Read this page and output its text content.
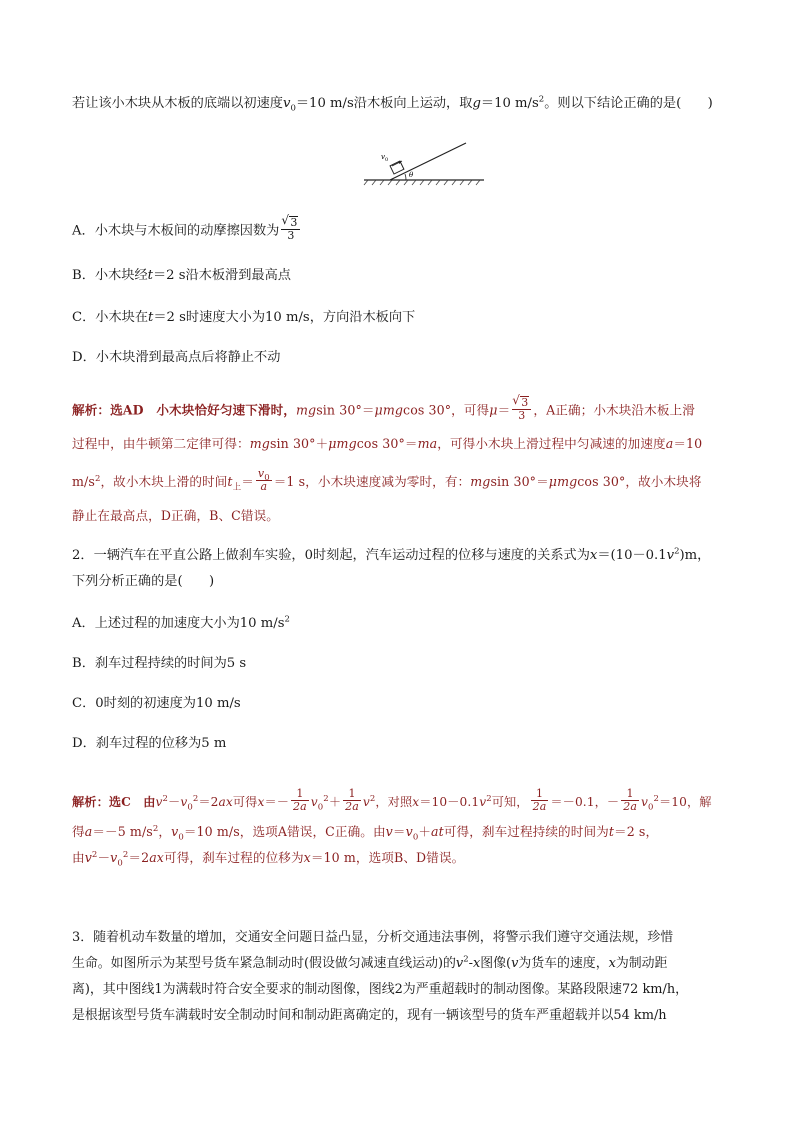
若让该小木块从木板的底端以初速度$v_0=10$ m/s沿木板向上运动，取g＝10 $m/s^2$。则以下结论正确的是(　　)
v 0
θ
A．小木块与木板间的动摩擦因数为 √ $\frac{3}{3}$
B．小木块经t＝2 s沿木板滑到最高点
C．小木块在t＝2 s时速度大小为10 m/s，方向沿木板向下
D．小木块滑到最高点后将静止不动
解析：选AD　小木块恰好匀速下滑时，mgsin 30°＝μmgcos 30°，可得μ＝ √ $\frac{3}{3}$ ，A正确；小木块沿木板上滑
过程中，由牛顿第二定律可得：mgsin 30°＋μmgcos 30°＝ma，可得小木块上滑过程中匀减速的加速度a＝10
$m/s^2$，故小木块上滑的时间$t_上= \frac{v_0}{a} =1$ s，小木块速度减为零时，有：mgsin 30°＝μmgcos 30°，故小木块将
静止在最高点，D正确，B、C错误。
2．一辆汽车在平直公路上做刹车实验，0时刻起，汽车运动过程的位移与速度的关系式为$x=(10-0.1v^2)m$，
下列分析正确的是(　　)
A．上述过程的加速度大小为10 $m/s^2$
B．刹车过程持续的时间为5 s
C．0时刻的初速度为10 m/s
D．刹车过程的位移为5 m
解析：选C　由$v^2-v_0^2=2ax$可得$x=- \frac{1}{2a} v_0^2+ \frac{1}{2a} v^2$，对照$x=10-0.1v^2$可知， $\frac{1}{2a} =-0.1$，－ $\frac{1}{2a} v_0^2=10$，解
得a＝－5 $m/s^2$，$v_0=10$ m/s，选项A错误，C正确。由$v=v_0+at$可得，刹车过程持续的时间为t＝2 s，
由$v^2-v_0^2=2ax$可得，刹车过程的位移为x＝10 m，选项B、D错误。
3．随着机动车数量的增加，交通安全问题日益凸显，分析交通违法事例，将警示我们遵守交通法规，珍惜
生命。如图所示为某型号货车紧急制动时(假设做匀减速直线运动)的$v^2-x$图像(v为货车的速度，x为制动距
离)，其中图线1为满载时符合安全要求的制动图像，图线2为严重超载时的制动图像。某路段限速72 km/h，
是根据该型号货车满载时安全制动时间和制动距离确定的，现有一辆该型号的货车严重超载并以54 km/h
